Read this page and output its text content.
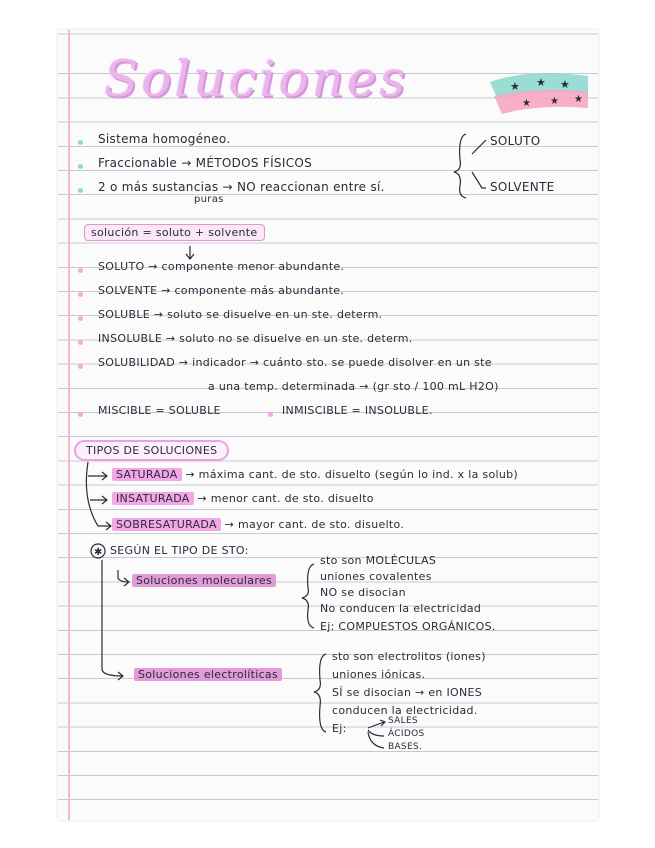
★ ★ ★
★ ★ ★
Soluciones
Sistema homogéneo.
Fraccionable → MÉTODOS FÍSICOS
2 o más sustancias → NO reaccionan entre sí.
puras
SOLUTO
SOLVENTE
solución = soluto + solvente
SOLUTO → componente menor abundante.
SOLVENTE → componente más abundante.
SOLUBLE → soluto se disuelve en un ste. determ.
INSOLUBLE → soluto no se disuelve en un ste. determ.
SOLUBILIDAD → indicador → cuánto sto. se puede disolver en un ste
a una temp. determinada → (gr sto / 100 mL H2O)
MISCIBLE = SOLUBLE	INMISCIBLE = INSOLUBLE.
TIPOS DE SOLUCIONES
SATURADA → máxima cant. de sto. disuelto (según lo ind. x la solub)
INSATURADA → menor cant. de sto. disuelto
SOBRESATURADA → mayor cant. de sto. disuelto.
✱ SEGÚN EL TIPO DE STO:
Soluciones moleculares
sto son MOLÉCULAS
uniones covalentes
NO se disocian
No conducen la electricidad
Ej: COMPUESTOS ORGÁNICOS.
Soluciones electrolíticas
sto son electrolitos (iones)
uniones iónicas.
SÍ se disocian → en IONES
conducen la electricidad.
Ej:
SALES
ÁCIDOS
BASES.
